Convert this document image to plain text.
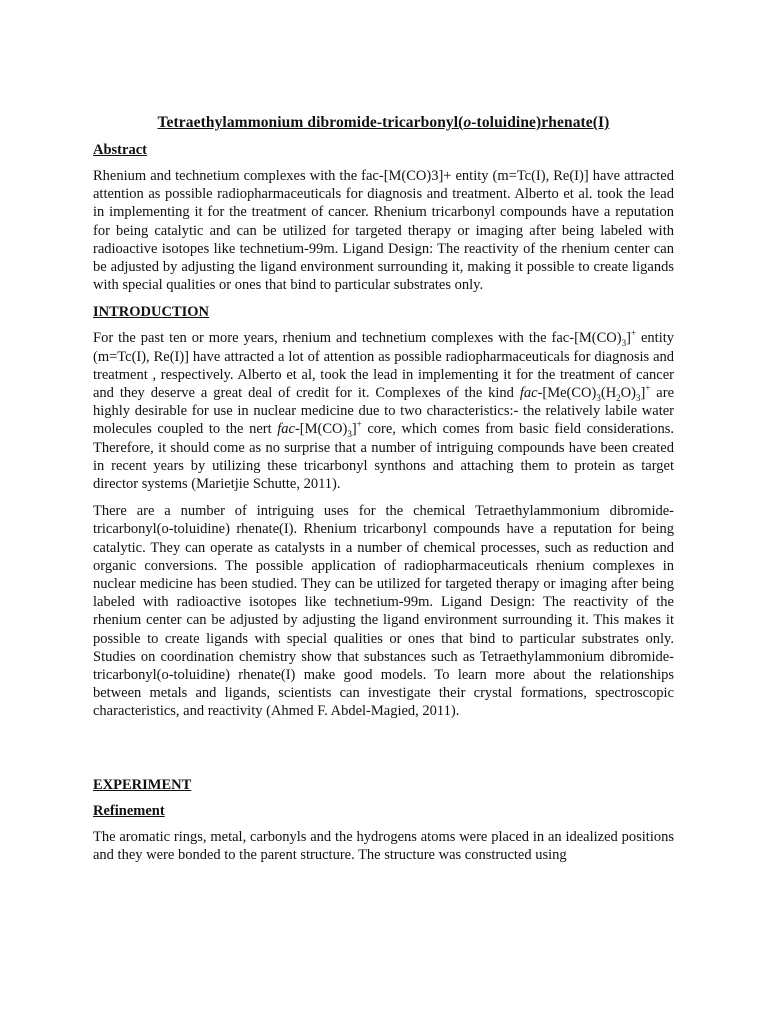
Tetraethylammonium dibromide-tricarbonyl(o-toluidine)rhenate(I)
Abstract

Rhenium and technetium complexes with the fac-[M(CO)3]+ entity (m=Tc(I), Re(I)] have attracted attention as possible radiopharmaceuticals for diagnosis and treatment. Alberto et al. took the lead in implementing it for the treatment of cancer. Rhenium tricarbonyl compounds have a reputation for being catalytic and can be utilized for targeted therapy or imaging after being labeled with radioactive isotopes like technetium-99m. Ligand Design: The reactivity of the rhenium center can be adjusted by adjusting the ligand environment surrounding it, making it possible to create ligands with special qualities or ones that bind to particular substrates only.

INTRODUCTION

For the past ten or more years, rhenium and technetium complexes with the fac-$[M(CO)_3]^+$ entity (m=Tc(I), Re(I)] have attracted a lot of attention as possible radiopharmaceuticals for diagnosis and treatment , respectively. Alberto et al, took the lead in implementing it for the treatment of cancer and they deserve a great deal of credit for it. Complexes of the kind fac-$[Me(CO)_3(H_2O)_3]^+$ are highly desirable for use in nuclear medicine due to two characteristics:- the relatively labile water molecules coupled to the nert fac-$[M(CO)_3]^+$ core, which comes from basic field considerations. Therefore, it should come as no surprise that a number of intriguing compounds have been created in recent years by utilizing these tricarbonyl synthons and attaching them to protein as target director systems (Marietjie Schutte, 2011).

There are a number of intriguing uses for the chemical Tetraethylammonium dibromide-tricarbonyl(o-toluidine) rhenate(I). Rhenium tricarbonyl compounds have a reputation for being catalytic. They can operate as catalysts in a number of chemical processes, such as reduction and organic conversions. The possible application of radiopharmaceuticals rhenium complexes in nuclear medicine has been studied. They can be utilized for targeted therapy or imaging after being labeled with radioactive isotopes like technetium-99m. Ligand Design: The reactivity of the rhenium center can be adjusted by adjusting the ligand environment surrounding it. This makes it possible to create ligands with special qualities or ones that bind to particular substrates only. Studies on coordination chemistry show that substances such as Tetraethylammonium dibromide-tricarbonyl(o-toluidine) rhenate(I) make good models. To learn more about the relationships between metals and ligands, scientists can investigate their crystal formations, spectroscopic characteristics, and reactivity (Ahmed F. Abdel-Magied, 2011).

EXPERIMENT
Refinement

The aromatic rings, metal, carbonyls and the hydrogens atoms were placed in an idealized positions and they were bonded to the parent structure. The structure was constructed using
